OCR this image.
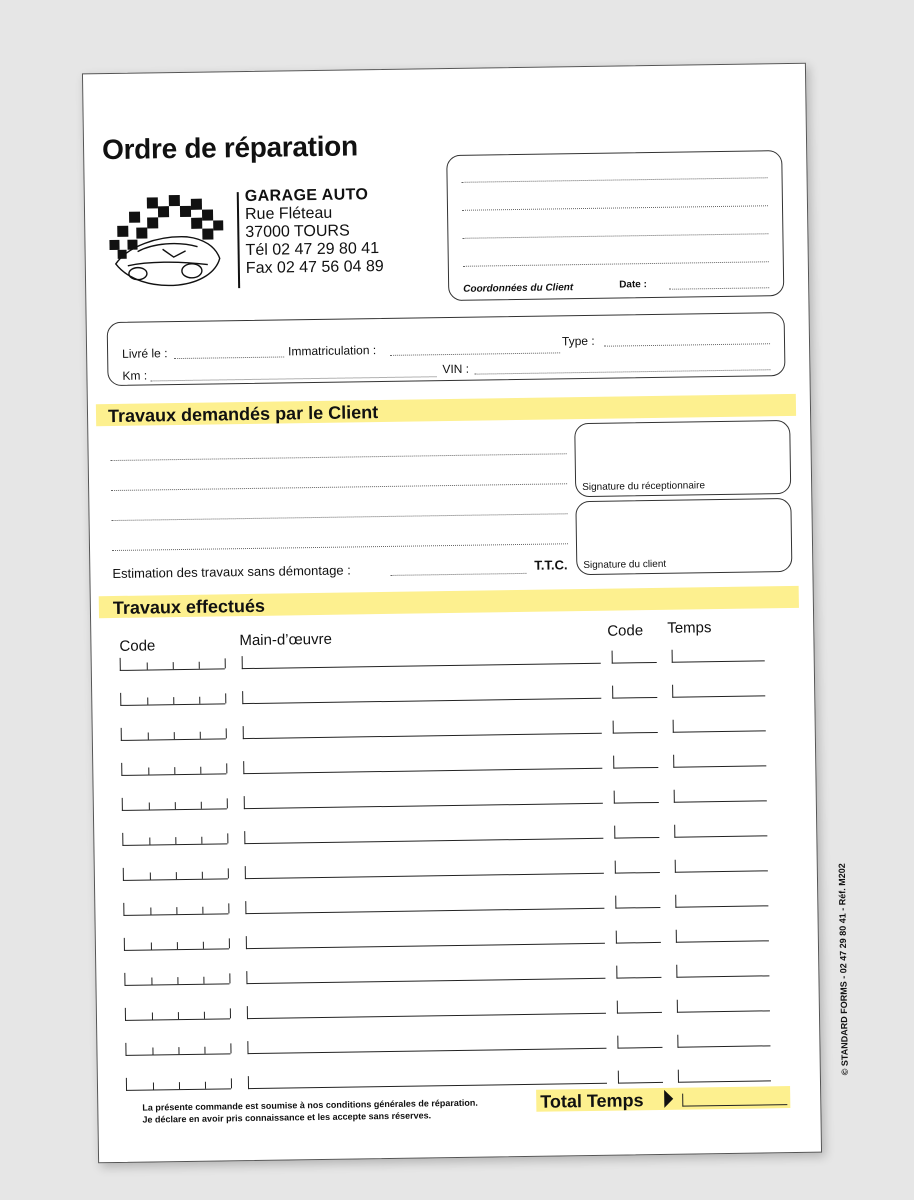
Ordre de réparation
GARAGE AUTO
Rue Fléteau
37000 TOURS
Tél 02 47 29 80 41
Fax 02 47 56 04 89
Coordonnées du Client	Date :
Livré le :	Immatriculation :
Type :
Km :	VIN :
Travaux demandés par le Client
Estimation des travaux sans démontage :	T.T.C.
Signature du réceptionnaire
Signature du client
Travaux effectués
Code	Main-d’œuvre	Code Temps
La présente commande est soumise à nos conditions générales de réparation.
Je déclare en avoir pris connaissance et les accepte sans réserves.
Total Temps
© STANDARD FORMS - 02 47 29 80 41 - Réf. M202
